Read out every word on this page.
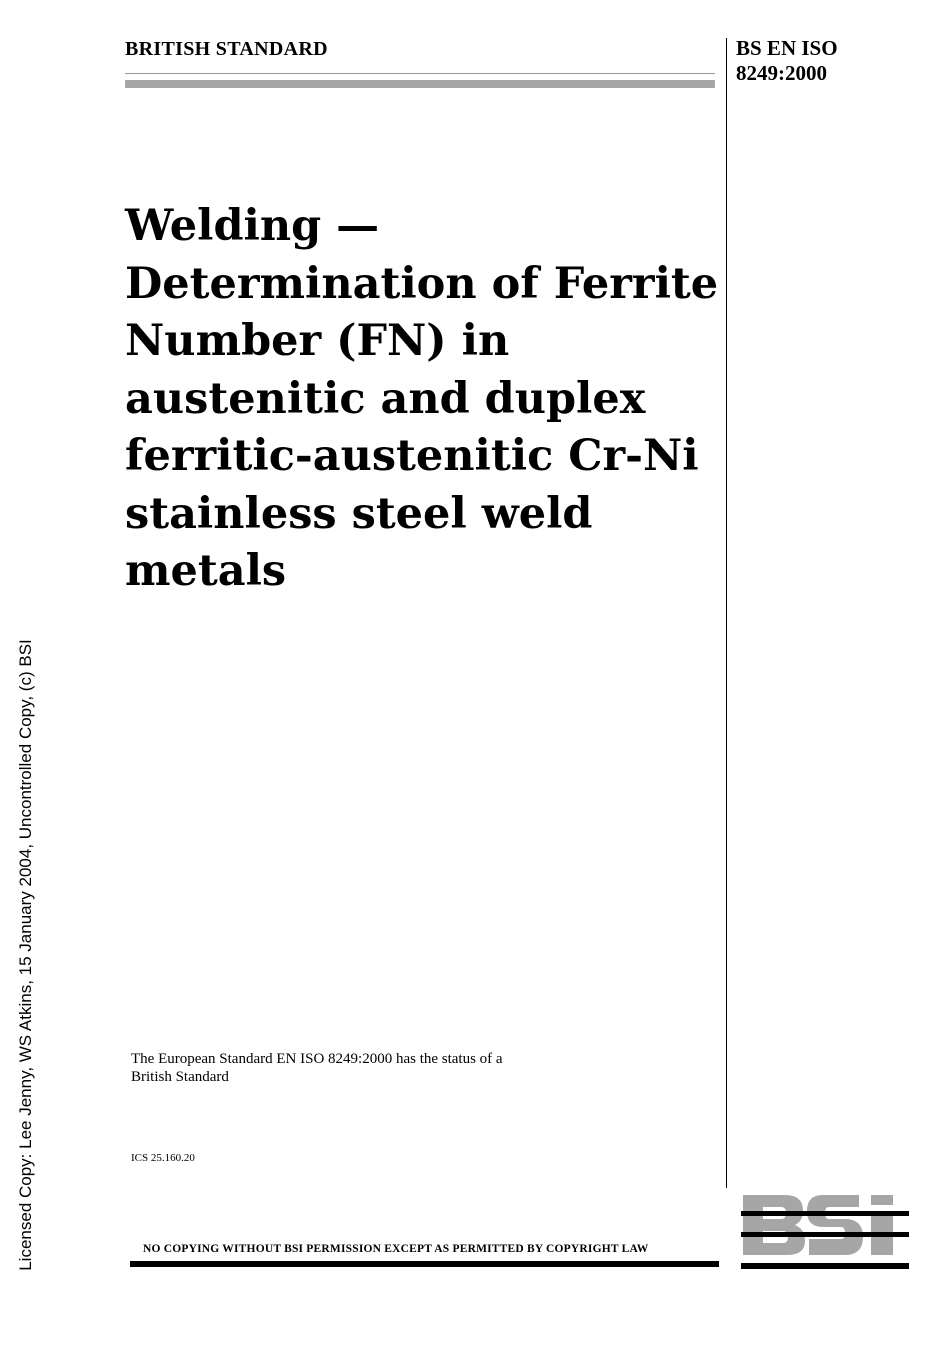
BRITISH STANDARD	BS EN ISO
8249:2000
Welding —
Determination of Ferrite
Number (FN) in
austenitic and duplex
ferritic-austenitic Cr-Ni
stainless steel weld
metals
The European Standard EN ISO 8249:2000 has the status of a
British Standard
ICS 25.160.20
NO COPYING WITHOUT BSI PERMISSION EXCEPT AS PERMITTED BY COPYRIGHT LAW
Licensed Copy: Lee Jenny, WS Atkins, 15 January 2004, Uncontrolled Copy, (c) BSI
